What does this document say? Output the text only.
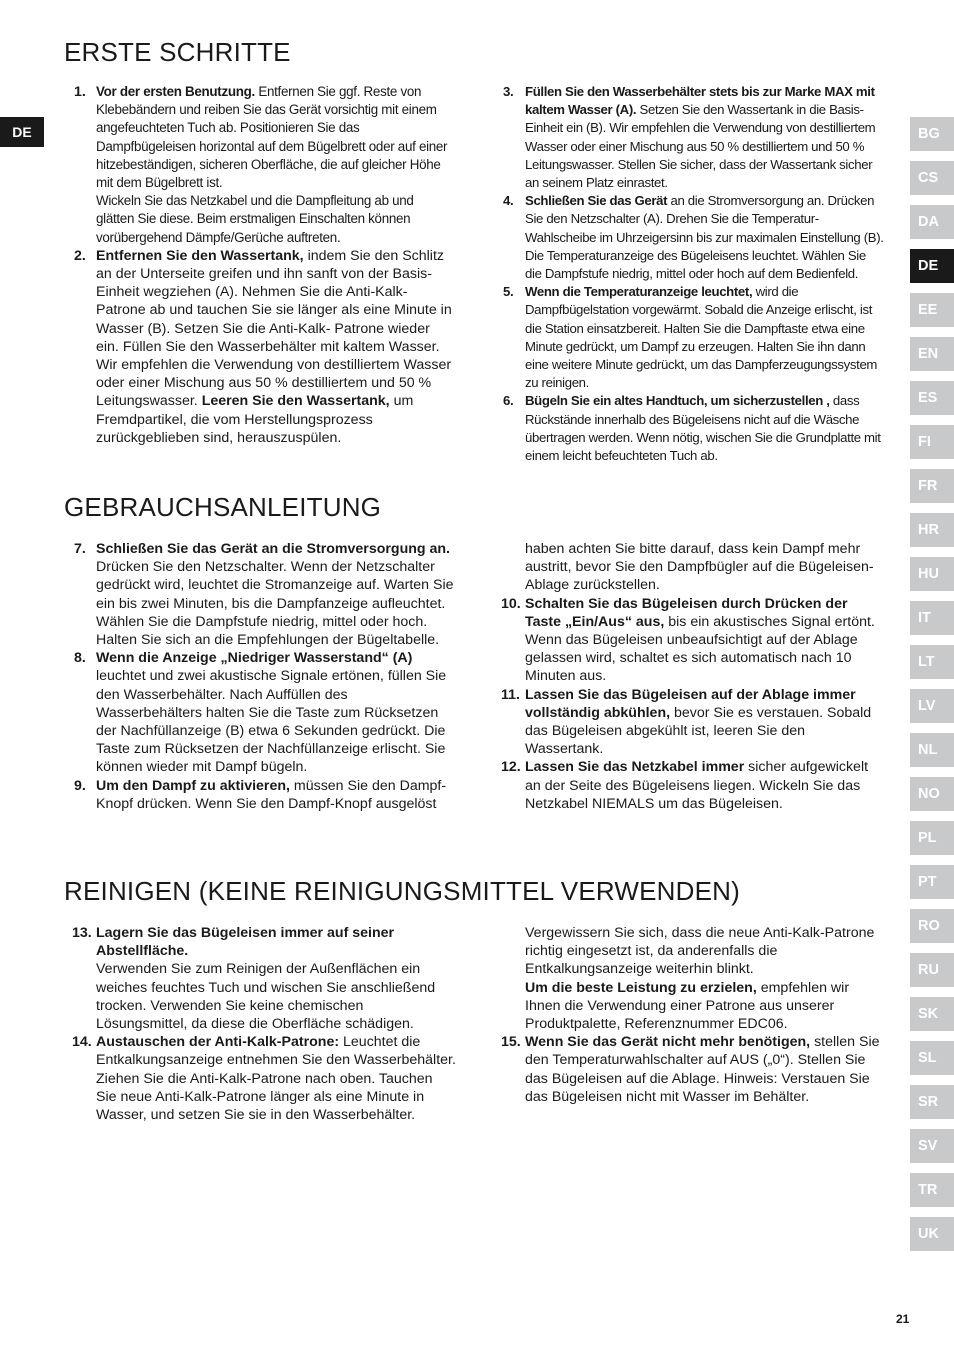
DE
ERSTE SCHRITTE
1. Vor der ersten Benutzung. Entfernen Sie ggf. Reste von Klebebändern und reiben Sie das Gerät vorsichtig mit einem angefeuchteten Tuch ab. Positionieren Sie das Dampfbügeleisen horizontal auf dem Bügelbrett oder auf einer hitzebeständigen, sicheren Oberfläche, die auf gleicher Höhe mit dem Bügelbrett ist.
Wickeln Sie das Netzkabel und die Dampfleitung ab und glätten Sie diese. Beim erstmaligen Einschalten können vorübergehend Dämpfe/Gerüche auftreten.
2. Entfernen Sie den Wassertank, indem Sie den Schlitz an der Unterseite greifen und ihn sanft von der Basis-Einheit wegziehen (A). Nehmen Sie die Anti-Kalk-Patrone ab und tauchen Sie sie länger als eine Minute in Wasser (B). Setzen Sie die Anti-Kalk- Patrone wieder ein. Füllen Sie den Wasserbehälter mit kaltem Wasser. Wir empfehlen die Verwendung von destilliertem Wasser oder einer Mischung aus 50 % destilliertem und 50 % Leitungswasser. Leeren Sie den Wassertank, um Fremdpartikel, die vom Herstellungsprozess zurückgeblieben sind, herauszuspülen.
3. Füllen Sie den Wasserbehälter stets bis zur Marke MAX mit kaltem Wasser (A). Setzen Sie den Wassertank in die Basis-Einheit ein (B). Wir empfehlen die Verwendung von destilliertem Wasser oder einer Mischung aus 50 % destilliertem und 50 % Leitungswasser. Stellen Sie sicher, dass der Wassertank sicher an seinem Platz einrastet.
4. Schließen Sie das Gerät an die Stromversorgung an. Drücken Sie den Netzschalter (A). Drehen Sie die Temperatur-Wahlscheibe im Uhrzeigersinn bis zur maximalen Einstellung (B). Die Temperaturanzeige des Bügeleisens leuchtet. Wählen Sie die Dampfstufe niedrig, mittel oder hoch auf dem Bedienfeld.
5. Wenn die Temperaturanzeige leuchtet, wird die Dampfbügelstation vorgewärmt. Sobald die Anzeige erlischt, ist die Station einsatzbereit. Halten Sie die Dampftaste etwa eine Minute gedrückt, um Dampf zu erzeugen. Halten Sie ihn dann eine weitere Minute gedrückt, um das Dampferzeugungssystem zu reinigen.
6. Bügeln Sie ein altes Handtuch, um sicherzustellen , dass Rückstände innerhalb des Bügeleisens nicht auf die Wäsche übertragen werden. Wenn nötig, wischen Sie die Grundplatte mit einem leicht befeuchteten Tuch ab.
GEBRAUCHSANLEITUNG
7. Schließen Sie das Gerät an die Stromversorgung an. Drücken Sie den Netzschalter. Wenn der Netzschalter gedrückt wird, leuchtet die Stromanzeige auf. Warten Sie ein bis zwei Minuten, bis die Dampfanzeige aufleuchtet. Wählen Sie die Dampfstufe niedrig, mittel oder hoch. Halten Sie sich an die Empfehlungen der Bügeltabelle.
8. Wenn die Anzeige „Niedriger Wasserstand“ (A) leuchtet und zwei akustische Signale ertönen, füllen Sie den Wasserbehälter. Nach Auffüllen des Wasserbehälters halten Sie die Taste zum Rücksetzen der Nachfüllanzeige (B) etwa 6 Sekunden gedrückt. Die Taste zum Rücksetzen der Nachfüllanzeige erlischt. Sie können wieder mit Dampf bügeln.
9. Um den Dampf zu aktivieren, müssen Sie den Dampf-Knopf drücken. Wenn Sie den Dampf-Knopf ausgelöst
haben achten Sie bitte darauf, dass kein Dampf mehr austritt, bevor Sie den Dampfbügler auf die Bügeleisen-Ablage zurückstellen.
10. Schalten Sie das Bügeleisen durch Drücken der Taste „Ein/Aus“ aus, bis ein akustisches Signal ertönt. Wenn das Bügeleisen unbeaufsichtigt auf der Ablage gelassen wird, schaltet es sich automatisch nach 10 Minuten aus.
11. Lassen Sie das Bügeleisen auf der Ablage immer vollständig abkühlen, bevor Sie es verstauen. Sobald das Bügeleisen abgekühlt ist, leeren Sie den Wassertank.
12. Lassen Sie das Netzkabel immer sicher aufgewickelt an der Seite des Bügeleisens liegen. Wickeln Sie das Netzkabel NIEMALS um das Bügeleisen.
REINIGEN (KEINE REINIGUNGSMITTEL VERWENDEN)
13. Lagern Sie das Bügeleisen immer auf seiner Abstellfläche.
Verwenden Sie zum Reinigen der Außenflächen ein weiches feuchtes Tuch und wischen Sie anschließend trocken. Verwenden Sie keine chemischen Lösungsmittel, da diese die Oberfläche schädigen.
14. Austauschen der Anti-Kalk-Patrone: Leuchtet die Entkalkungsanzeige entnehmen Sie den Wasserbehälter. Ziehen Sie die Anti-Kalk-Patrone nach oben. Tauchen Sie neue Anti-Kalk-Patrone länger als eine Minute in Wasser, und setzen Sie sie in den Wasserbehälter.
Vergewissern Sie sich, dass die neue Anti-Kalk-Patrone richtig eingesetzt ist, da anderenfalls die Entkalkungsanzeige weiterhin blinkt.
Um die beste Leistung zu erzielen, empfehlen wir Ihnen die Verwendung einer Patrone aus unserer Produktpalette, Referenznummer EDC06.
15. Wenn Sie das Gerät nicht mehr benötigen, stellen Sie den Temperaturwahlschalter auf AUS („0“). Stellen Sie das Bügeleisen auf die Ablage. Hinweis: Verstauen Sie das Bügeleisen nicht mit Wasser im Behälter.
BG
CS
DA
DE
EE
EN
ES
FI
FR
HR
HU
IT
LT
LV
NL
NO
PL
PT
RO
RU
SK
SL
SR
SV
TR
UK
21
